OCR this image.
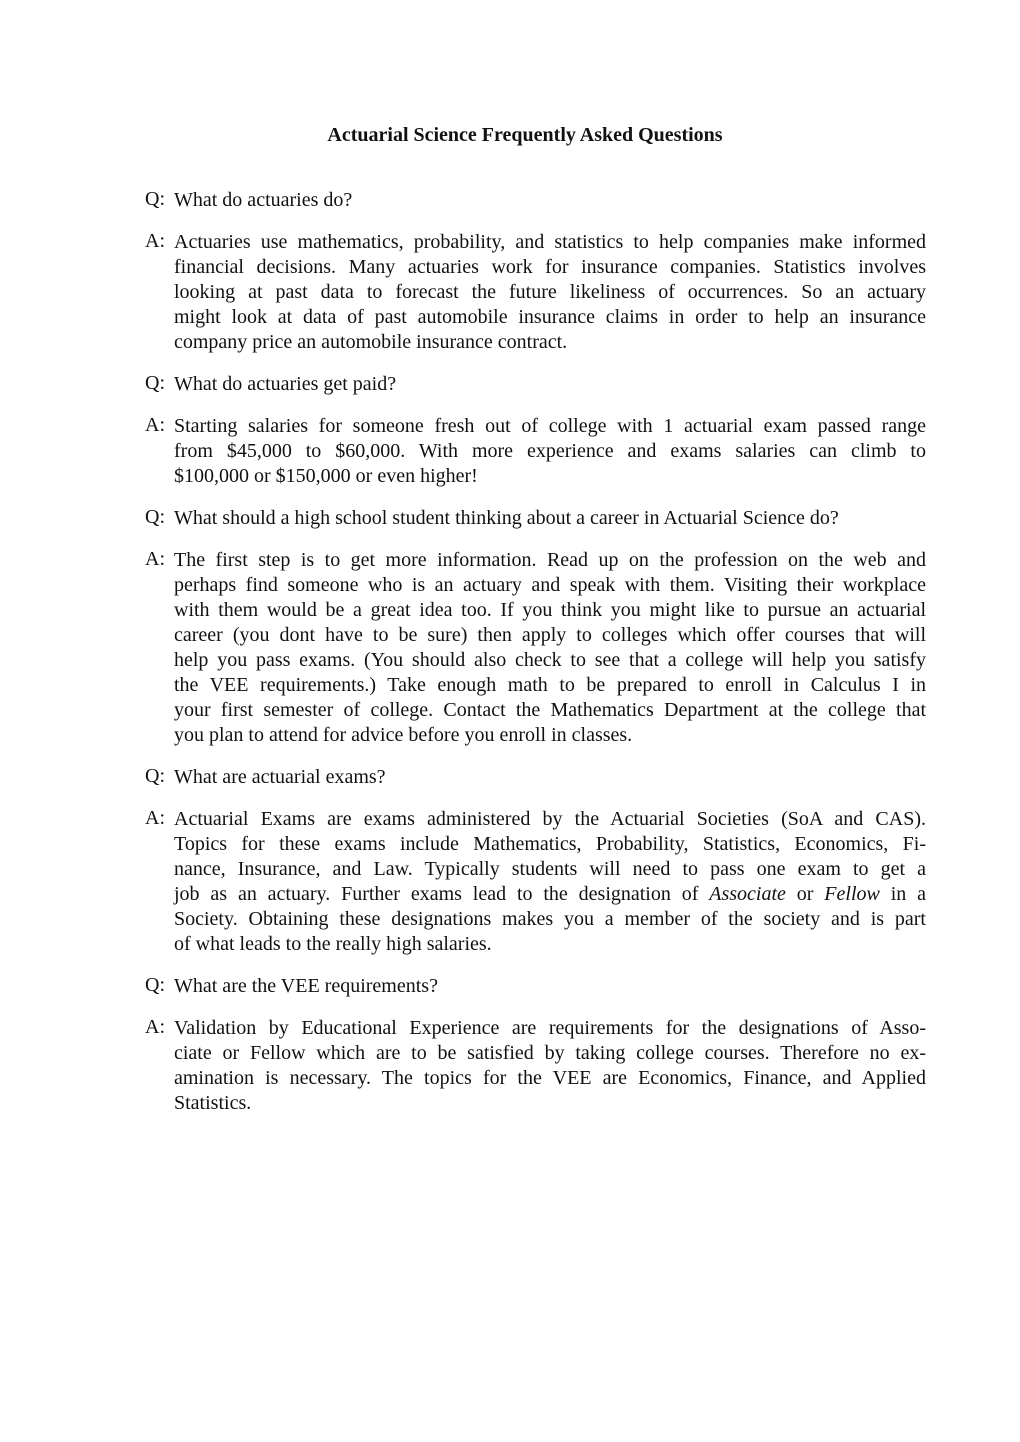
Actuarial Science Frequently Asked Questions
Q: What do actuaries do?
A: Actuaries use mathematics, probability, and statistics to help companies make informed
financial decisions. Many actuaries work for insurance companies. Statistics involves
looking at past data to forecast the future likeliness of occurrences. So an actuary
might look at data of past automobile insurance claims in order to help an insurance
company price an automobile insurance contract.
Q: What do actuaries get paid?
A: Starting salaries for someone fresh out of college with 1 actuarial exam passed range
from $45,000 to $60,000. With more experience and exams salaries can climb to
$100,000 or $150,000 or even higher!
Q: What should a high school student thinking about a career in Actuarial Science do?
A: The first step is to get more information. Read up on the profession on the web and
perhaps find someone who is an actuary and speak with them. Visiting their workplace
with them would be a great idea too. If you think you might like to pursue an actuarial
career (you dont have to be sure) then apply to colleges which offer courses that will
help you pass exams. (You should also check to see that a college will help you satisfy
the VEE requirements.) Take enough math to be prepared to enroll in Calculus I in
your first semester of college. Contact the Mathematics Department at the college that
you plan to attend for advice before you enroll in classes.
Q: What are actuarial exams?
A: Actuarial Exams are exams administered by the Actuarial Societies (SoA and CAS).
Topics for these exams include Mathematics, Probability, Statistics, Economics, Fi-
nance, Insurance, and Law. Typically students will need to pass one exam to get a
job as an actuary. Further exams lead to the designation of Associate or Fellow in a
Society. Obtaining these designations makes you a member of the society and is part
of what leads to the really high salaries.
Q: What are the VEE requirements?
A: Validation by Educational Experience are requirements for the designations of Asso-
ciate or Fellow which are to be satisfied by taking college courses. Therefore no ex-
amination is necessary. The topics for the VEE are Economics, Finance, and Applied
Statistics.
